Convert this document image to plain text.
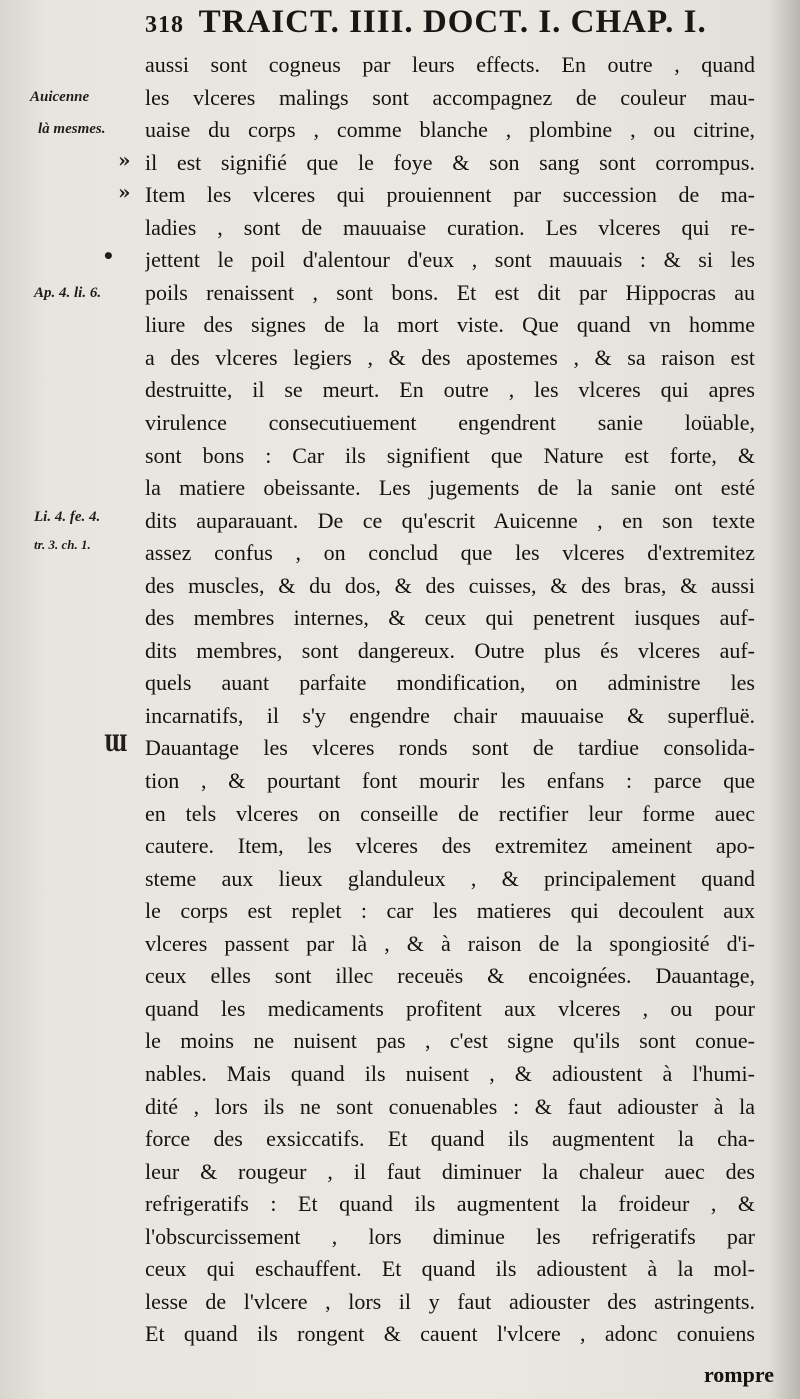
318 TRAICT. IIII. DOCT. I. CHAP. I.
Auicenne
là mesmes.
»
»
•
Ap. 4. li. 6.
Li. 4. fe. 4.
tr. 3. ch. 1.
Ɯ
aussi sont cogneus par leurs effects. En outre , quand
les vlceres malings sont accompagnez de couleur mau-
uaise du corps , comme blanche , plombine , ou citrine,
il est signifié que le foye & son sang sont corrompus.
Item les vlceres qui prouiennent par succession de ma-
ladies , sont de mauuaise curation. Les vlceres qui re-
jettent le poil d'alentour d'eux , sont mauuais : & si les
poils renaissent , sont bons. Et est dit par Hippocras au
liure des signes de la mort viste. Que quand vn homme
a des vlceres legiers , & des apostemes , & sa raison est
destruitte, il se meurt. En outre , les vlceres qui apres
virulence consecutiuement engendrent sanie loüable,
sont bons : Car ils signifient que Nature est forte, &
la matiere obeissante. Les jugements de la sanie ont esté
dits auparauant. De ce qu'escrit Auicenne , en son texte
assez confus , on conclud que les vlceres d'extremitez
des muscles, & du dos, & des cuisses, & des bras, & aussi
des membres internes, & ceux qui penetrent iusques auf-
dits membres, sont dangereux. Outre plus és vlceres auf-
quels auant parfaite mondification, on administre les
incarnatifs, il s'y engendre chair mauuaise & superfluë.
Dauantage les vlceres ronds sont de tardiue consolida-
tion , & pourtant font mourir les enfans : parce que
en tels vlceres on conseille de rectifier leur forme auec
cautere. Item, les vlceres des extremitez ameinent apo-
steme aux lieux glanduleux , & principalement quand
le corps est replet : car les matieres qui decoulent aux
vlceres passent par là , & à raison de la spongiosité d'i-
ceux elles sont illec receuës & encoignées. Dauantage,
quand les medicaments profitent aux vlceres , ou pour
le moins ne nuisent pas , c'est signe qu'ils sont conue-
nables. Mais quand ils nuisent , & adioustent à l'humi-
dité , lors ils ne sont conuenables : & faut adiouster à la
force des exsiccatifs. Et quand ils augmentent la cha-
leur & rougeur , il faut diminuer la chaleur auec des
refrigeratifs : Et quand ils augmentent la froideur , &
l'obscurcissement , lors diminue les refrigeratifs par
ceux qui eschauffent. Et quand ils adioustent à la mol-
lesse de l'vlcere , lors il y faut adiouster des astringents.
Et quand ils rongent & cauent l'vlcere , adonc conuiens
rompre
